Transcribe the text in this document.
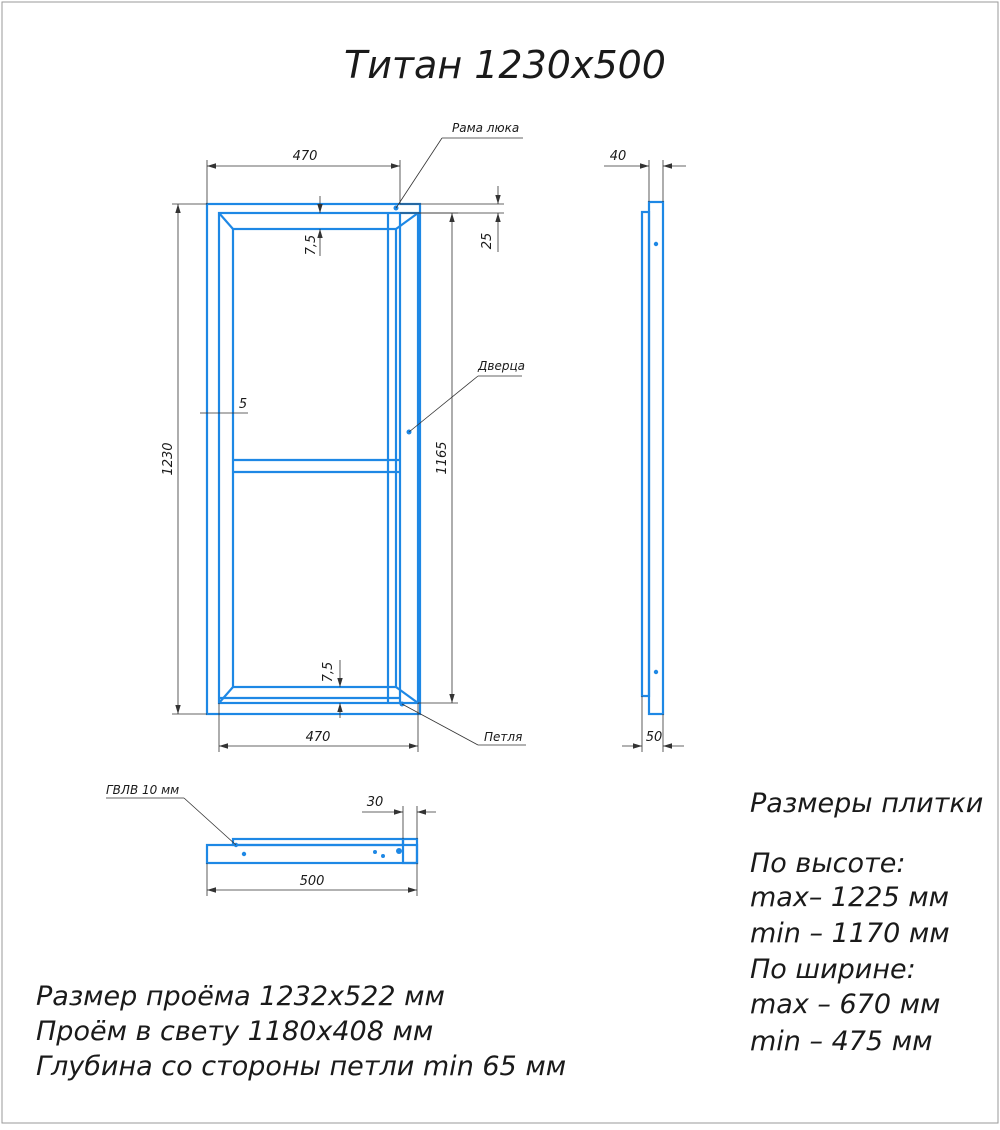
Титан 1230x500
470
470
1230	1165
25
7,5
7,5
5
Рама люка
Дверца
Петля
40
50
500
30
ГВЛВ 10 мм
Размер проёма 1232x522 мм
Проём в свету 1180x408 мм
Глубина со стороны петли min 65 мм
Размеры плитки
По высоте:
max– 1225 мм
min – 1170 мм
По ширине:
max – 670 мм
min – 475 мм
